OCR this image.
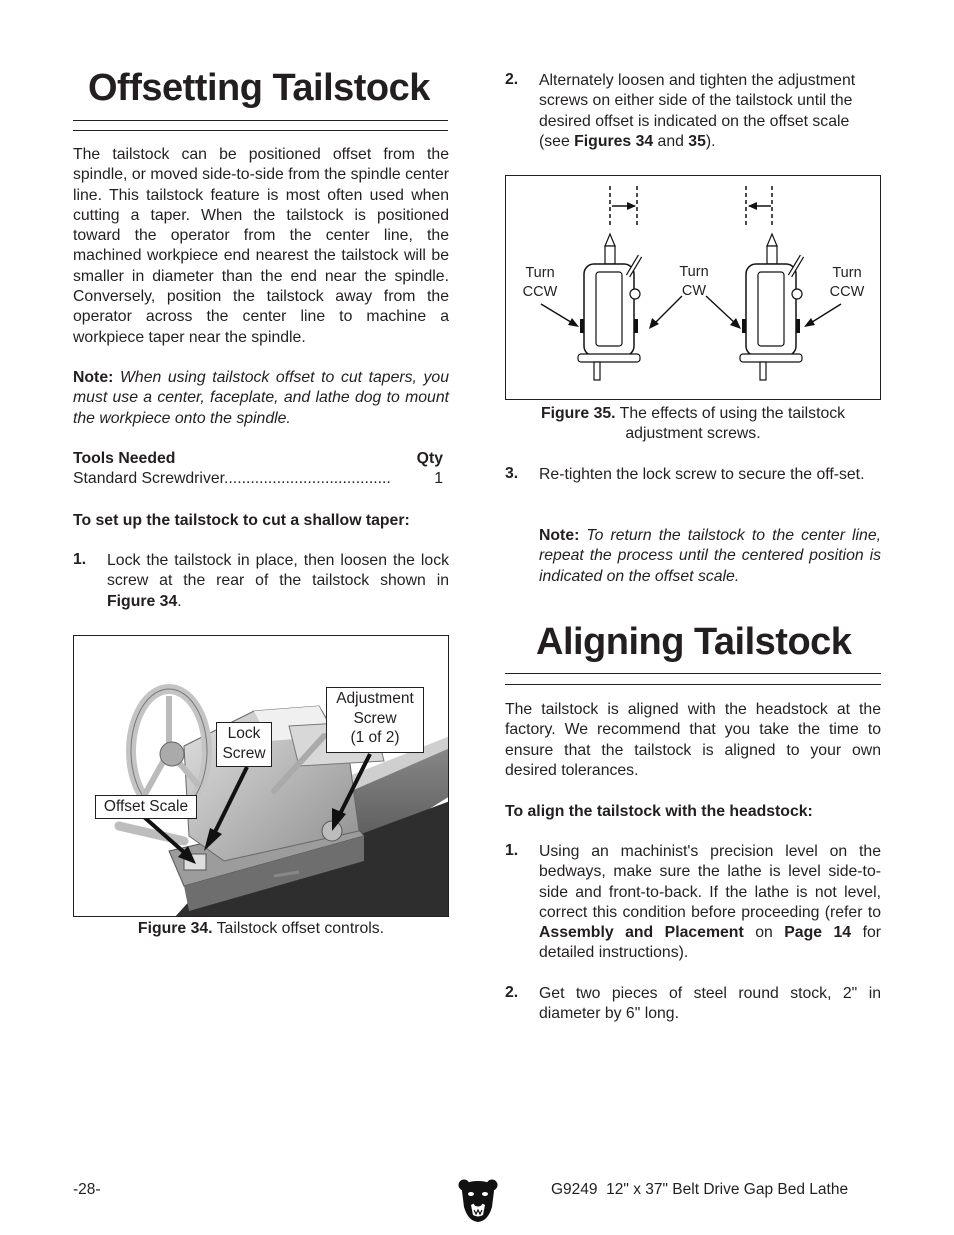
Offsetting Tailstock

The tailstock can be positioned offset from the spindle, or moved side-to-side from the spindle center line. This tailstock feature is most often used when cutting a taper. When the tailstock is positioned toward the operator from the center line, the machined workpiece end nearest the tailstock will be smaller in diameter than the end near the spindle. Conversely, position the tailstock away from the operator across the center line to machine a workpiece taper near the spindle.

Note: When using tailstock offset to cut tapers, you must use a center, faceplate, and lathe dog to mount the workpiece onto the spindle.

Tools Needed	Qty
Standard Screwdriver......................................	1

To set up the tailstock to cut a shallow taper:

1. Lock the tailstock in place, then loosen the lock screw at the rear of the tailstock shown in Figure 34.

Adjustment
Screw
(1 of 2)
Lock
Screw
Offset Scale
Figure 34. Tailstock offset controls.
2. Alternately loosen and tighten the adjustment screws on either side of the tailstock until the desired offset is indicated on the offset scale (see Figures 34 and 35).

Turn
CCW
Turn
CW
Turn
CCW
Figure 35. The effects of using the tailstock adjustment screws.
3. Re-tighten the lock screw to secure the off-set.

Note: To return the tailstock to the center line, repeat the process until the centered position is indicated on the offset scale.

Aligning Tailstock

The tailstock is aligned with the headstock at the factory. We recommend that you take the time to ensure that the tailstock is aligned to your own desired tolerances.

To align the tailstock with the headstock:

1. Using an machinist's precision level on the bedways, make sure the lathe is level side-to-side and front-to-back. If the lathe is not level, correct this condition before proceeding (refer to Assembly and Placement on Page 14 for detailed instructions).

2. Get two pieces of steel round stock, 2" in diameter by 6" long.

-28-	G9249  12" x 37" Belt Drive Gap Bed Lathe
